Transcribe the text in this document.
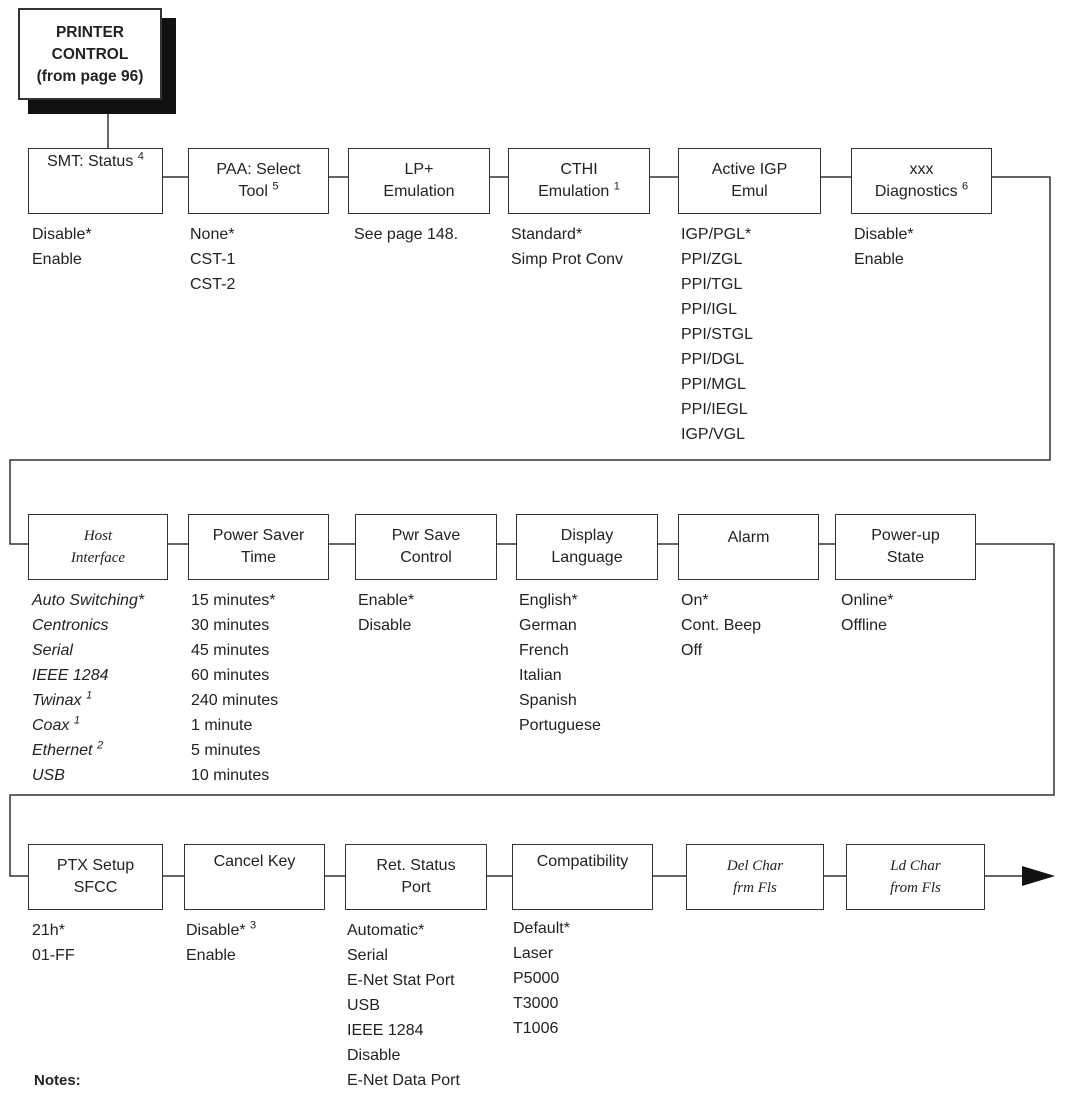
PRINTER
CONTROL
(from page 96)
SMT: Status $^4$
Disable*
Enable
PAA: Select
Tool $^5$
None*
CST-1
CST-2
LP+
Emulation
See page 148.
CTHI
Emulation $^1$
Standard*
Simp Prot Conv
Active IGP
Emul
IGP/PGL*
PPI/ZGL
PPI/TGL
PPI/IGL
PPI/STGL
PPI/DGL
PPI/MGL
PPI/IEGL
IGP/VGL
xxx
Diagnostics $^6$
Disable*
Enable
Host
Interface
Auto Switching*
Centronics
Serial
IEEE 1284
Twinax $^1$
Coax $^1$
Ethernet $^2$
USB
Power Saver
Time
15 minutes*
30 minutes
45 minutes
60 minutes
240 minutes
1 minute
5 minutes
10 minutes
Pwr Save
Control
Enable*
Disable
Display
Language
English*
German
French
Italian
Spanish
Portuguese
Alarm
On*
Cont. Beep
Off
Power-up
State
Online*
Offline
PTX Setup
SFCC
21h*
01-FF
Cancel Key
Disable* $^3$
Enable
Ret. Status
Port
Automatic*
Serial
E-Net Stat Port
USB
IEEE 1284
Disable
E-Net Data Port
Compatibility
Default*
Laser
P5000
T3000
T1006
Del Char
frm Fls
Ld Char
from Fls
Notes:
